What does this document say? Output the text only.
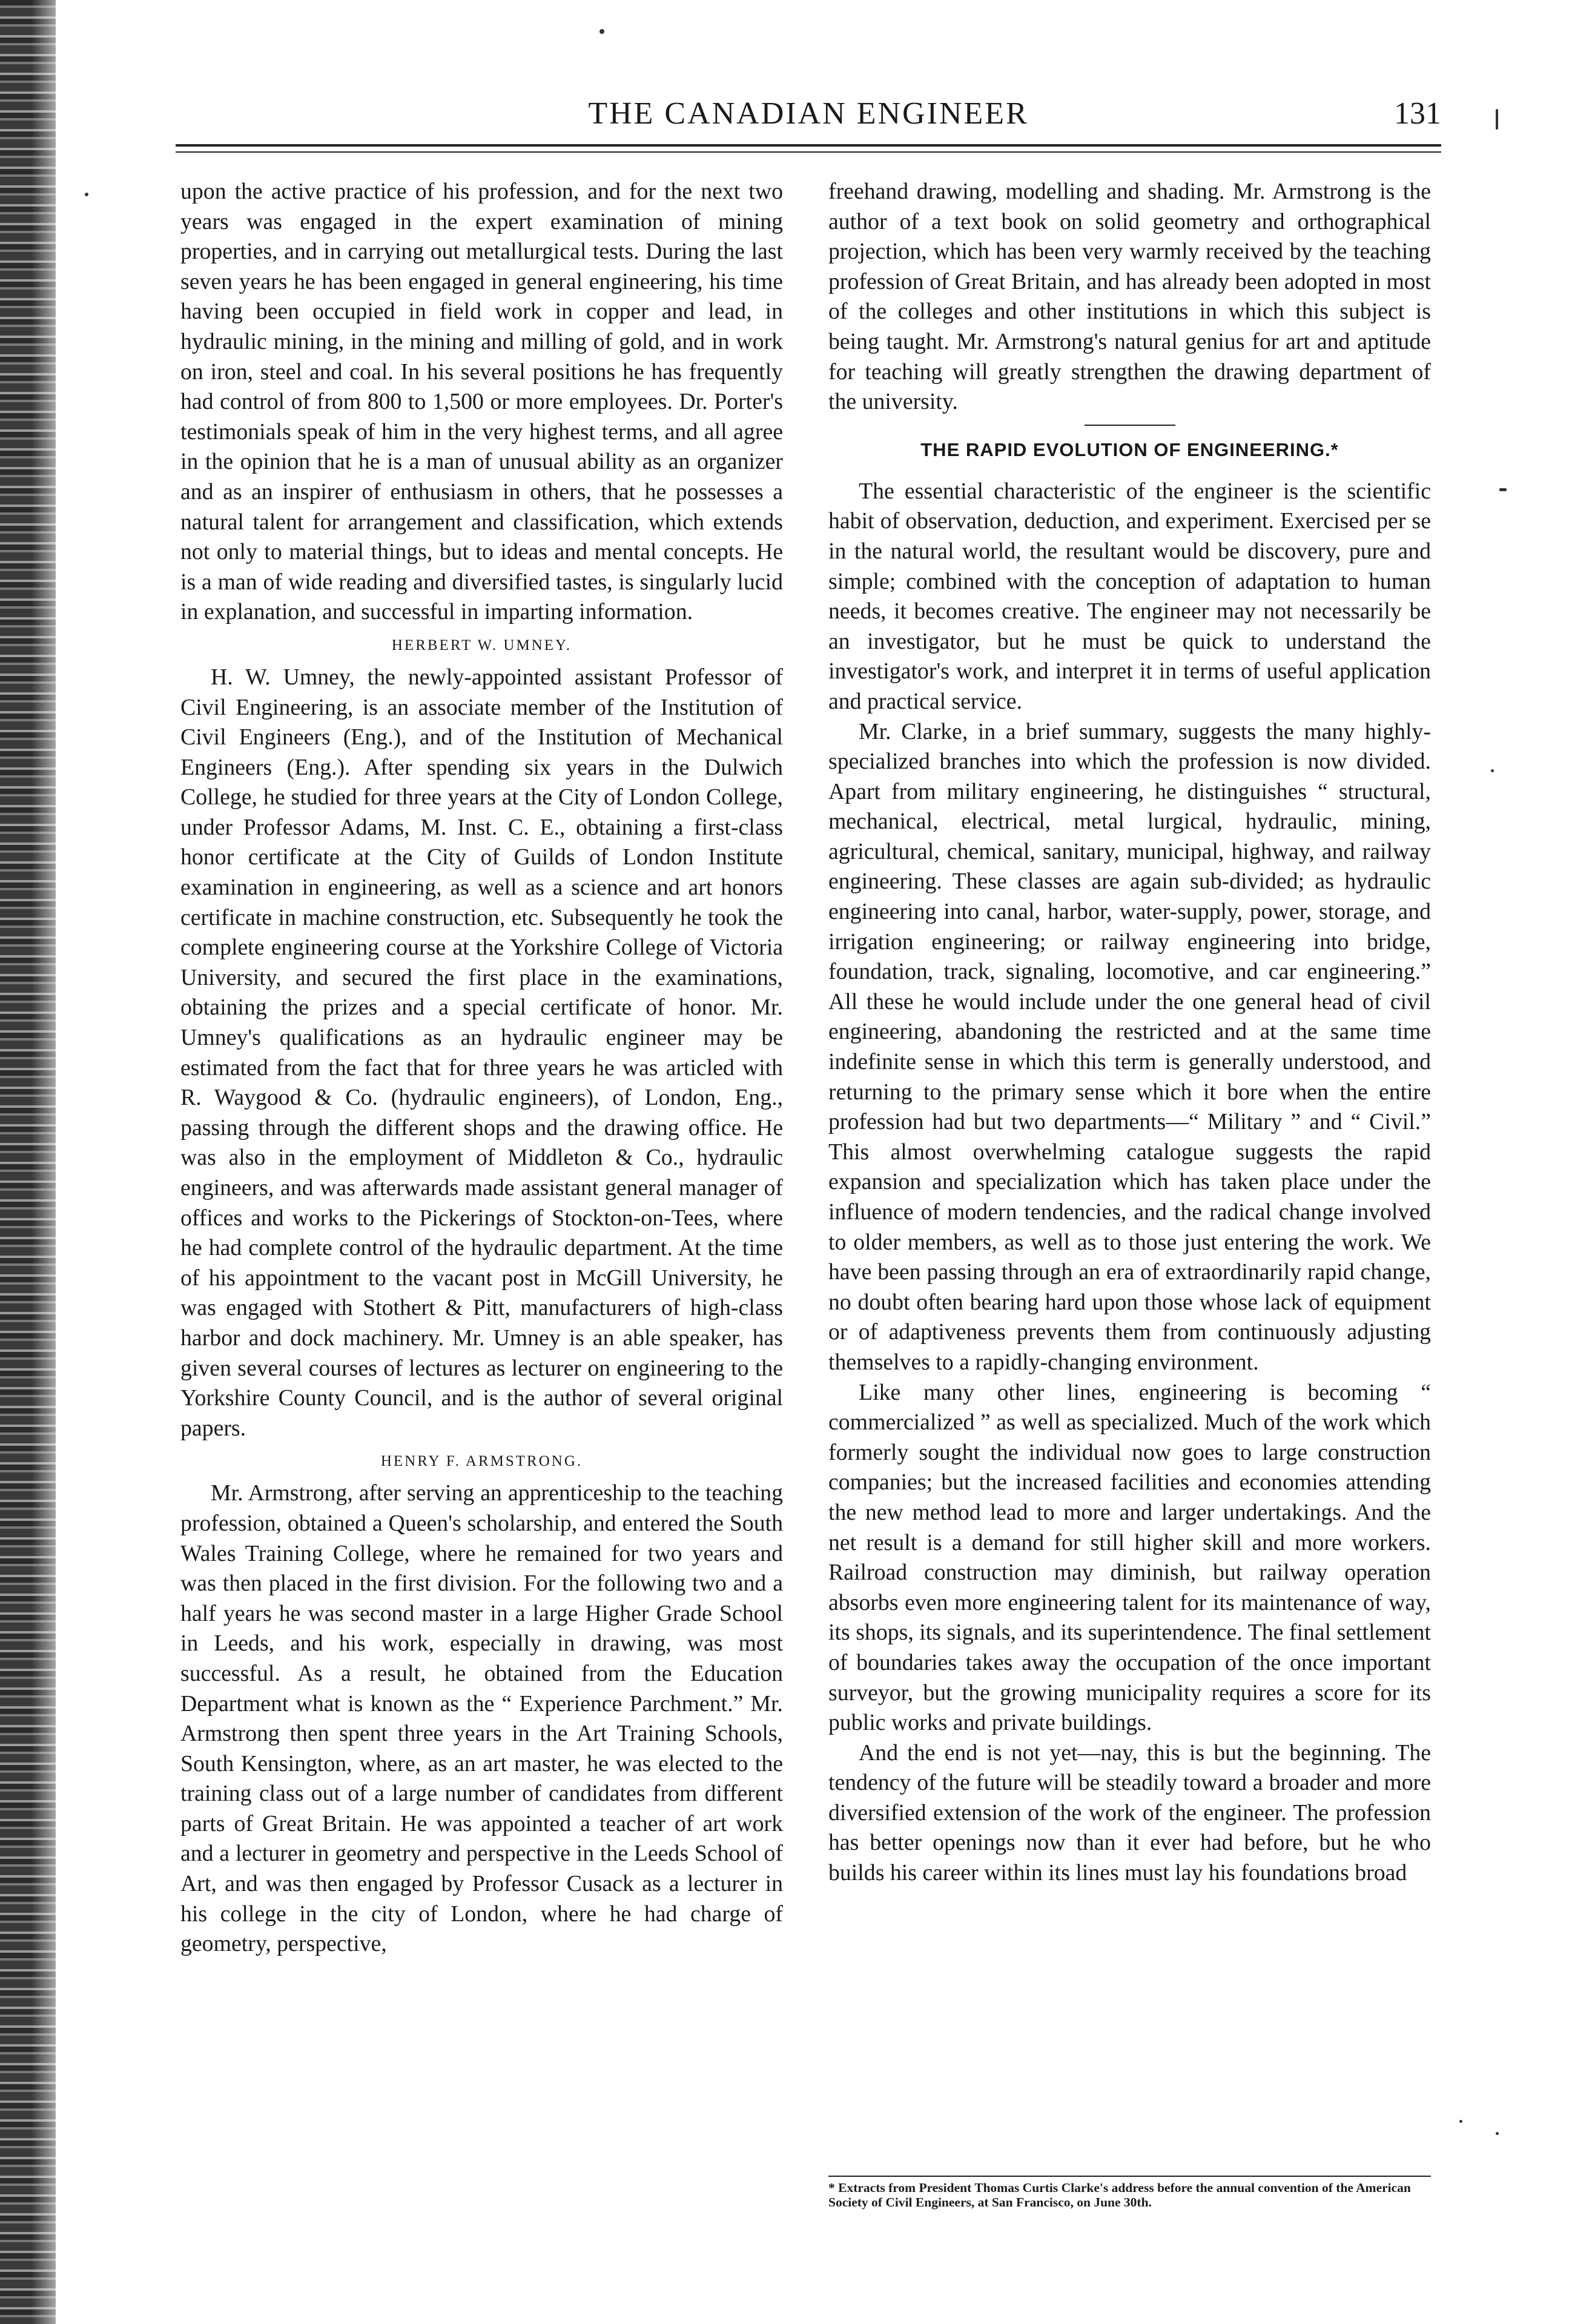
THE CANADIAN ENGINEER	131

upon the active practice of his profession, and for the next two years was engaged in the expert examination of mining properties, and in carrying out metallurgical tests. During the last seven years he has been engaged in general engineering, his time having been occupied in field work in copper and lead, in hydraulic mining, in the mining and milling of gold, and in work on iron, steel and coal. In his several positions he has frequently had control of from 800 to 1,500 or more employees. Dr. Porter's testimonials speak of him in the very highest terms, and all agree in the opinion that he is a man of unusual ability as an organizer and as an inspirer of enthusiasm in others, that he possesses a natural talent for arrangement and classification, which extends not only to material things, but to ideas and mental concepts. He is a man of wide reading and diversified tastes, is singularly lucid in explanation, and successful in imparting information.

HERBERT W. UMNEY.

H. W. Umney, the newly-appointed assistant Professor of Civil Engineering, is an associate member of the Institution of Civil Engineers (Eng.), and of the Institution of Mechanical Engineers (Eng.). After spending six years in the Dulwich College, he studied for three years at the City of London College, under Professor Adams, M. Inst. C. E., obtaining a first-class honor certificate at the City of Guilds of London Institute examination in engineering, as well as a science and art honors certificate in machine construction, etc. Subsequently he took the complete engineering course at the Yorkshire College of Victoria University, and secured the first place in the examinations, obtaining the prizes and a special certificate of honor. Mr. Umney's qualifications as an hydraulic engineer may be estimated from the fact that for three years he was articled with R. Waygood & Co. (hydraulic engineers), of London, Eng., passing through the different shops and the drawing office. He was also in the employment of Middleton & Co., hydraulic engineers, and was afterwards made assistant general manager of offices and works to the Pickerings of Stockton-on-Tees, where he had complete control of the hydraulic department. At the time of his appointment to the vacant post in McGill University, he was engaged with Stothert & Pitt, manufacturers of high-class harbor and dock machinery. Mr. Umney is an able speaker, has given several courses of lectures as lecturer on engineering to the Yorkshire County Council, and is the author of several original papers.

HENRY F. ARMSTRONG.

Mr. Armstrong, after serving an apprenticeship to the teaching profession, obtained a Queen's scholarship, and entered the South Wales Training College, where he remained for two years and was then placed in the first division. For the following two and a half years he was second master in a large Higher Grade School in Leeds, and his work, especially in drawing, was most successful. As a result, he obtained from the Education Department what is known as the “ Experience Parchment.” Mr. Armstrong then spent three years in the Art Training Schools, South Kensington, where, as an art master, he was elected to the training class out of a large number of candidates from different parts of Great Britain. He was appointed a teacher of art work and a lecturer in geometry and perspective in the Leeds School of Art, and was then engaged by Professor Cusack as a lecturer in his college in the city of London, where he had charge of geometry, perspective,

freehand drawing, modelling and shading. Mr. Armstrong is the author of a text book on solid geometry and orthographical projection, which has been very warmly received by the teaching profession of Great Britain, and has already been adopted in most of the colleges and other institutions in which this subject is being taught. Mr. Armstrong's natural genius for art and aptitude for teaching will greatly strengthen the drawing department of the university.

THE RAPID EVOLUTION OF ENGINEERING.*

The essential characteristic of the engineer is the scientific habit of observation, deduction, and experiment. Exercised per se in the natural world, the resultant would be discovery, pure and simple; combined with the conception of adaptation to human needs, it becomes creative. The engineer may not necessarily be an investigator, but he must be quick to understand the investigator's work, and interpret it in terms of useful application and practical service.

Mr. Clarke, in a brief summary, suggests the many highly-specialized branches into which the profession is now divided. Apart from military engineering, he distinguishes “ structural, mechanical, electrical, metal lurgical, hydraulic, mining, agricultural, chemical, sanitary, municipal, highway, and railway engineering. These classes are again sub-divided; as hydraulic engineering into canal, harbor, water-supply, power, storage, and irrigation engineering; or railway engineering into bridge, foundation, track, signaling, locomotive, and car engineering.” All these he would include under the one general head of civil engineering, abandoning the restricted and at the same time indefinite sense in which this term is generally understood, and returning to the primary sense which it bore when the entire profession had but two departments—“ Military ” and “ Civil.” This almost overwhelming catalogue suggests the rapid expansion and specialization which has taken place under the influence of modern tendencies, and the radical change involved to older members, as well as to those just entering the work. We have been passing through an era of extraordinarily rapid change, no doubt often bearing hard upon those whose lack of equipment or of adaptiveness prevents them from continuously adjusting themselves to a rapidly-changing environment.

Like many other lines, engineering is becoming “ commercialized ” as well as specialized. Much of the work which formerly sought the individual now goes to large construction companies; but the increased facilities and economies attending the new method lead to more and larger undertakings. And the net result is a demand for still higher skill and more workers. Railroad construction may diminish, but railway operation absorbs even more engineering talent for its maintenance of way, its shops, its signals, and its superintendence. The final settlement of boundaries takes away the occupation of the once important surveyor, but the growing municipality requires a score for its public works and private buildings.

And the end is not yet—nay, this is but the beginning. The tendency of the future will be steadily toward a broader and more diversified extension of the work of the engineer. The profession has better openings now than it ever had before, but he who builds his career within its lines must lay his foundations broad

* Extracts from President Thomas Curtis Clarke's address before the annual convention of the American Society of Civil Engineers, at San Francisco, on June 30th.
